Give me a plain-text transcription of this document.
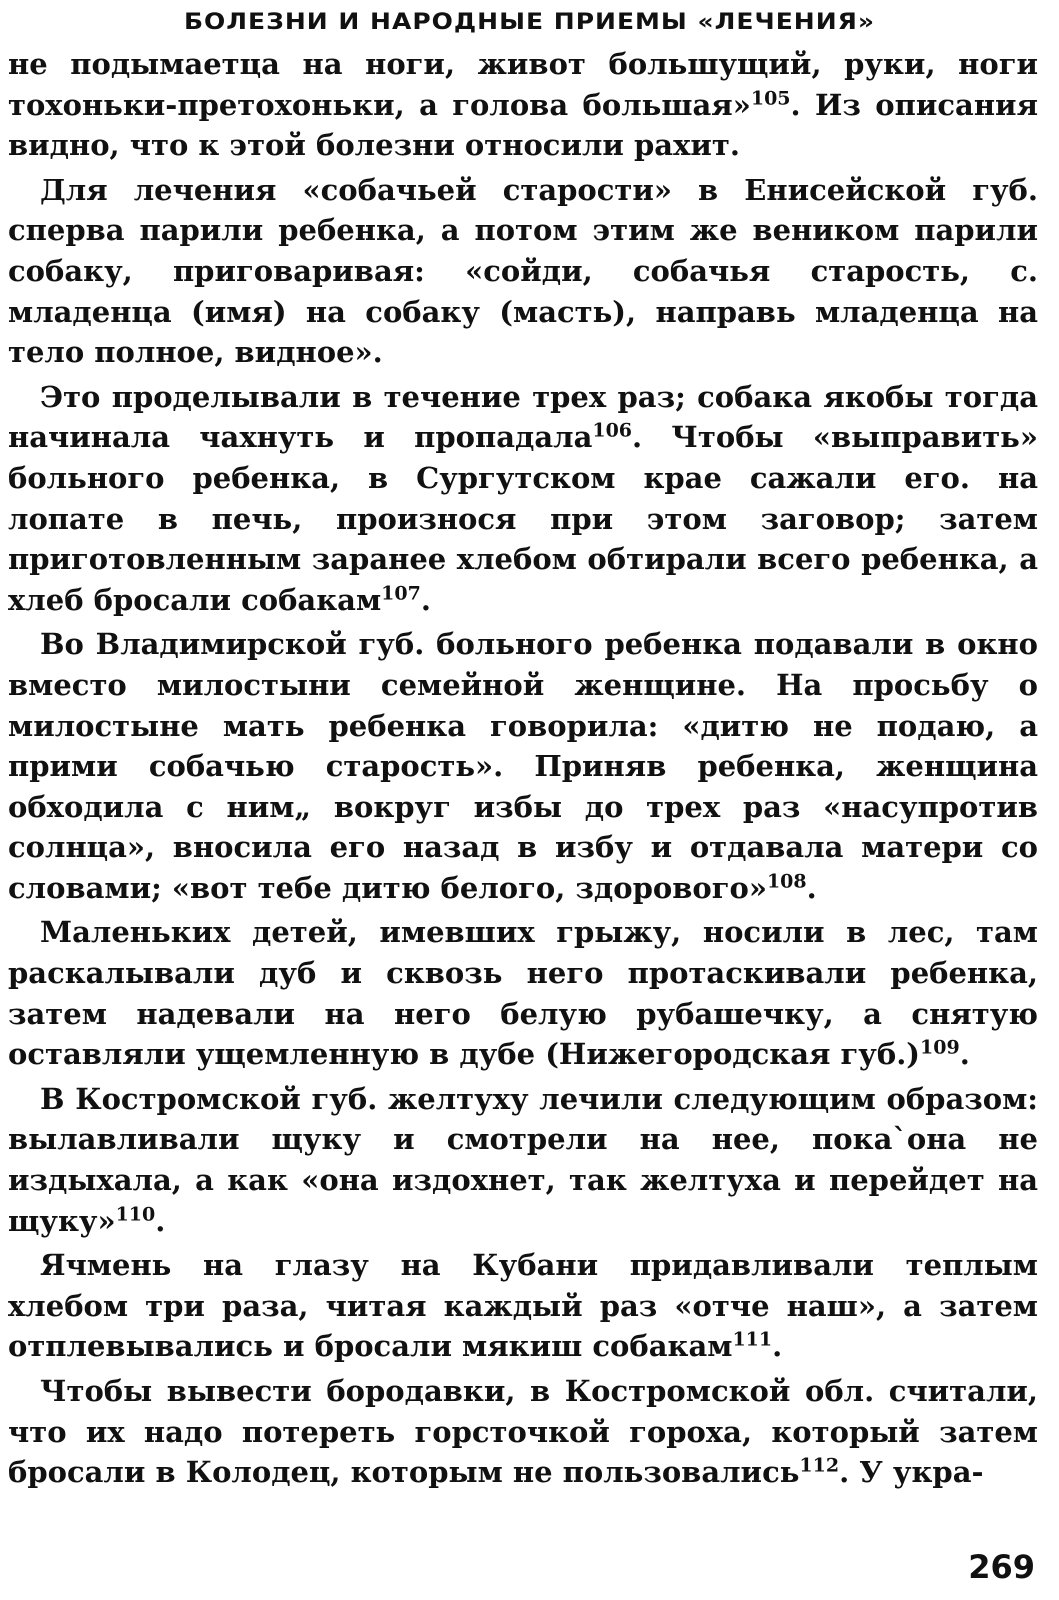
БОЛЕЗНИ И НАРОДНЫЕ ПРИЕМЫ «ЛЕЧЕНИЯ»

не подымаетца на ноги, живот большущий, руки, ноги тохоньки-претохоньки, а голова большая»$^{105}$. Из описания видно, что к этой болезни относили рахит.

Для лечения «собачьей старости» в Енисейской губ. сперва парили ребенка, а потом этим же веником парили собаку, приговаривая: «сойди, собачья старость, с. младенца (имя) на собаку (масть), направь младенца на тело полное, видное».

Это проделывали в течение трех раз; собака якобы тогда начинала чахнуть и пропадала$^{106}$. Чтобы «выправить» больного ребенка, в Сургутском крае сажали его. на лопате в печь, произнося при этом заговор; затем приготовленным заранее хлебом обтирали всего ребенка, а хлеб бросали собакам$^{107}$.

Во Владимирской губ. больного ребенка подавали в окно вместо милостыни семейной женщине. На просьбу о милостыне мать ребенка говорила: «дитю не подаю, а прими собачью старость». Приняв ребенка, женщина обходила с ним„ вокруг избы до трех раз «насупротив солнца», вносила его назад в избу и отдавала матери со словами; «вот тебе дитю белого, здорового»$^{108}$.

Маленьких детей, имевших грыжу, носили в лес, там раскалывали дуб и сквозь него протаскивали ребенка, затем надевали на него белую рубашечку, а снятую оставляли ущемленную в дубе (Нижегородская губ.)$^{109}$.

В Костромской губ. желтуху лечили следующим образом: вылавливали щуку и смотрели на нее, пока`она не издыхала, а как «она издохнет, так желтуха и перейдет на щуку»$^{110}$.

Ячмень на глазу на Кубани придавливали теплым хлебом три раза, читая каждый раз «отче наш», а затем отплевывались и бросали мякиш собакам$^{111}$.

Чтобы вывести бородавки, в Костромской обл. считали, что их надо потереть горсточкой гороха, который затем бросали в Колодец, которым не пользовались$^{112}$. У укра-

269
